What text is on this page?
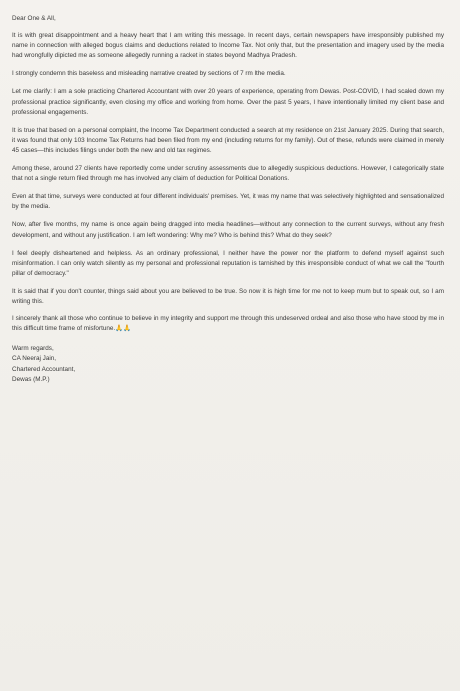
Dear One & All,

It is with great disappointment and a heavy heart that I am writing this message. In recent days, certain newspapers have irresponsibly published my name in connection with alleged bogus claims and deductions related to Income Tax. Not only that, but the presentation and imagery used by the media had wrongfully dipicted me as someone allegedly running a racket in states beyond Madhya Pradesh.

I strongly condemn this baseless and misleading narrative created by sections of 7 rm lthe media.

Let me clarify: I am a sole practicing Chartered Accountant with over 20 years of experience, operating from Dewas. Post-COVID, I had scaled down my professional practice significantly, even closing my office and working from home. Over the past 5 years, I have intentionally limited my client base and professional engagements.

It is true that based on a personal complaint, the Income Tax Department conducted a search at my residence on 21st January 2025. During that search, it was found that only 103 Income Tax Returns had been filed from my end (including returns for my family). Out of these, refunds were claimed in merely 45 cases—this includes filings under both the new and old tax regimes.

Among these, around 27 clients have reportedly come under scrutiny assessments due to allegedly suspicious deductions. However, I categorically state that not a single return filed through me has involved any claim of deduction for Political Donations.

Even at that time, surveys were conducted at four different individuals' premises. Yet, it was my name that was selectively highlighted and sensationalized by the media.

Now, after five months, my name is once again being dragged into media headlines—without any connection to the current surveys, without any fresh development, and without any justification. I am left wondering: Why me? Who is behind this? What do they seek?

I feel deeply disheartened and helpless. As an ordinary professional, I neither have the power nor the platform to defend myself against such misinformation. I can only watch silently as my personal and professional reputation is tarnished by this irresponsible conduct of what we call the "fourth pillar of democracy."

It is said that if you don't counter, things said about you are believed to be true. So now it is high time for me not to keep mum but to speak out, so I am writing this.

I sincerely thank all those who continue to believe in my integrity and support me through this undeserved ordeal and also those who have stood by me in this difficult time frame of misfortune.🙏🙏

Warm regards,
CA Neeraj Jain,
Chartered Accountant,
Dewas (M.P.)
